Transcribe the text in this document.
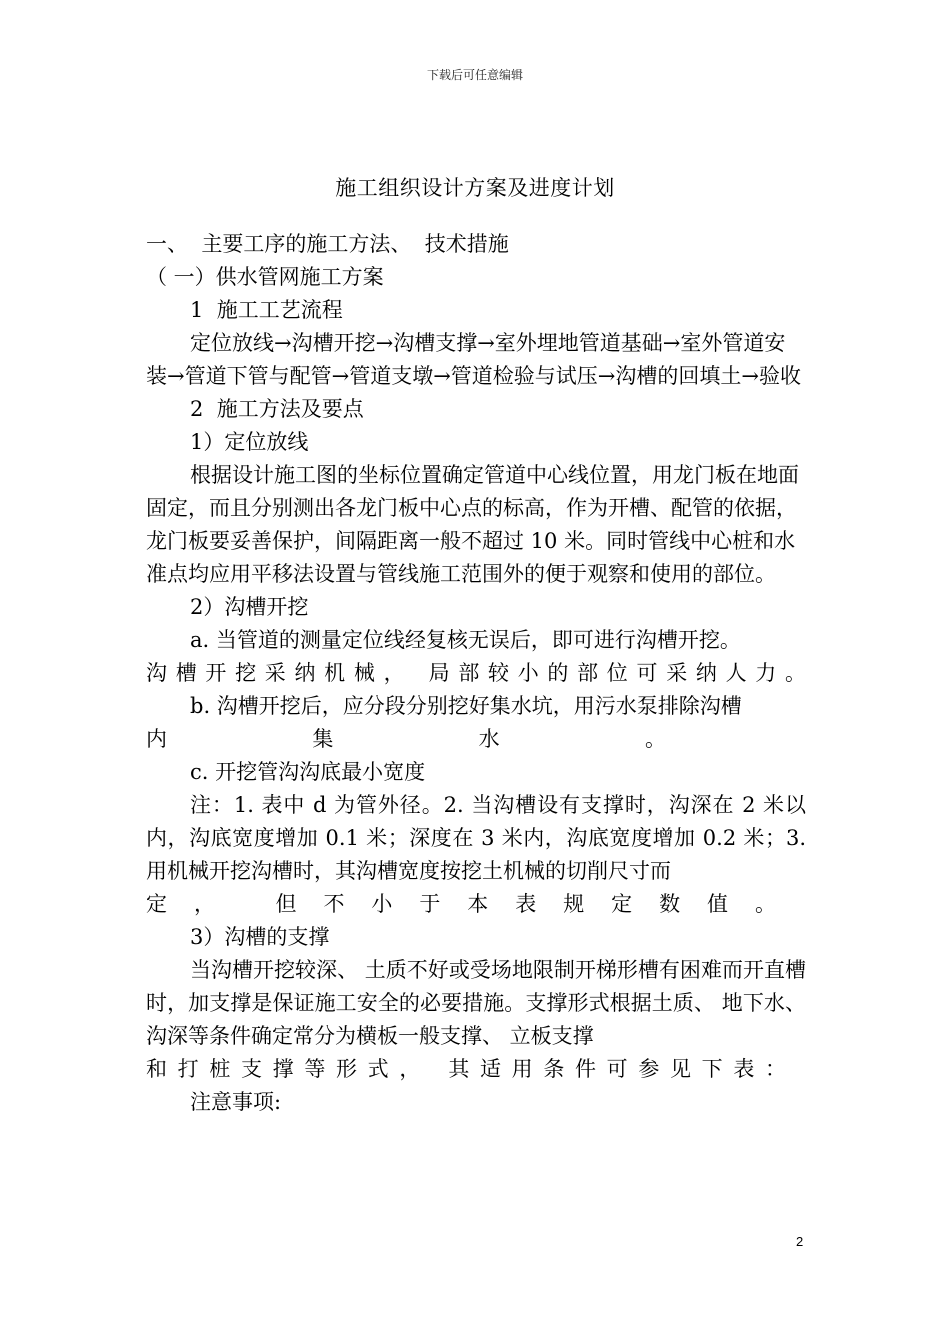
下载后可任意编辑
施工组织设计方案及进度计划

一、  主要工序的施工方法、  技术措施

（ 一）供水管网施工方案

1  施工工艺流程

定位放线→沟槽开挖→沟槽支撑→室外埋地管道基础→室外管道安装→管道下管与配管→管道支墩→管道检验与试压→沟槽的回填土→验收

2  施工方法及要点

1）定位放线

根据设计施工图的坐标位置确定管道中心线位置，用龙门板在地面固定，而且分别测出各龙门板中心点的标高，作为开槽、配管的依据，龙门板要妥善保护，间隔距离一般不超过 10 米。同时管线中心桩和水准点均应用平移法设置与管线施工范围外的便于观察和使用的部位。

2）沟槽开挖

a. 当管道的测量定位线经复核无误后，即可进行沟槽开挖。

沟槽开挖采纳机械， 局部较小的部位可采纳人力。

b. 沟槽开挖后，应分段分别挖好集水坑，用污水泵排除沟槽

内集水。

c. 开挖管沟沟底最小宽度

注：1. 表中 d 为管外径。2. 当沟槽设有支撑时，沟深在 2 米以内，沟底宽度增加 0.1 米；深度在 3 米内，沟底宽度增加 0.2 米；3. 用机械开挖沟槽时，其沟槽宽度按挖土机械的切削尺寸而

定， 但不小于本表规定数值。

3）沟槽的支撑

当沟槽开挖较深、 土质不好或受场地限制开梯形槽有困难而开直槽时，加支撑是保证施工安全的必要措施。支撑形式根据土质、 地下水、 沟深等条件确定常分为横板一般支撑、 立板支撑

和打桩支撑等形式， 其适用条件可参见下表：

注意事项:

2
